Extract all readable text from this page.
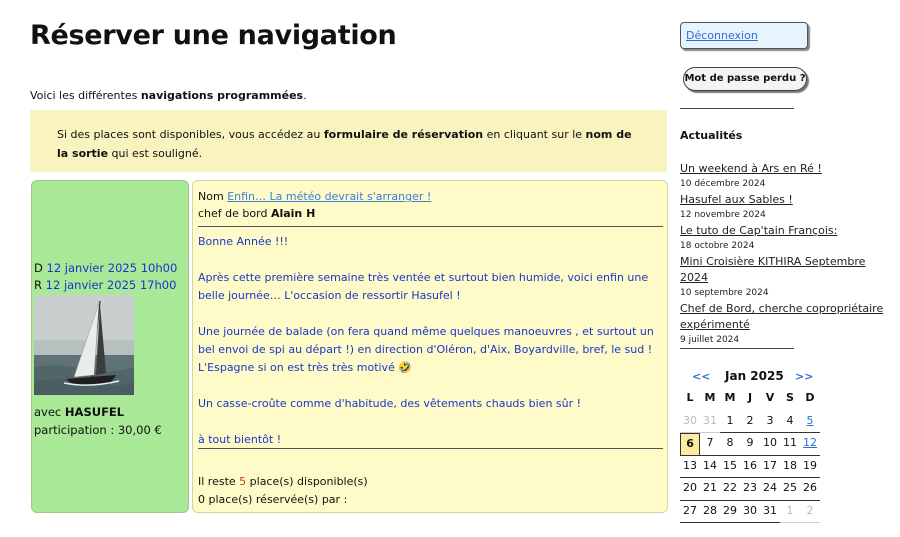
Réserver une navigation
Voici les différentes navigations programmées.
Si des places sont disponibles, vous accédez au formulaire de réservation en cliquant sur le nom de la sortie qui est souligné.
D 12 janvier 2025 10h00
R 12 janvier 2025 17h00
avec HASUFEL
participation : 30,00 €
Nom Enfin… La météo devrait s'arranger !
chef de bord Alain H

Bonne Année !!!

Après cette première semaine très ventée et surtout bien humide, voici enfin une belle journée… L'occasion de ressortir Hasufel !

Une journée de balade (on fera quand même quelques manoeuvres , et surtout un bel envoi de spi au départ !) en direction d'Oléron, d'Aix, Boyardville, bref, le sud ! L'Espagne si on est très très motivé 🤣

Un casse-croûte comme d'habitude, des vêtements chauds bien sûr !

à tout bientôt !

Il reste 5 place(s) disponible(s)
0 place(s) réservée(s) par :
Déconnexion
Mot de passe perdu ?
Actualités
Un weekend à Ars en Ré !
10 décembre 2024
Hasufel aux Sables !
12 novembre 2024
Le tuto de Cap'tain François:
18 octobre 2024
Mini Croisière KITHIRA Septembre 2024
10 septembre 2024
Chef de Bord, cherche copropriétaire expérimenté
9 juillet 2024
<< Jan 2025 >>
L	M M	J	V	S	D
30 31 1	2	3	4	5
6	7	8	9 10 11 12
13 14 15 16 17 18 19
20 21 22 23 24 25 26
27 28 29 30 31 1	2
